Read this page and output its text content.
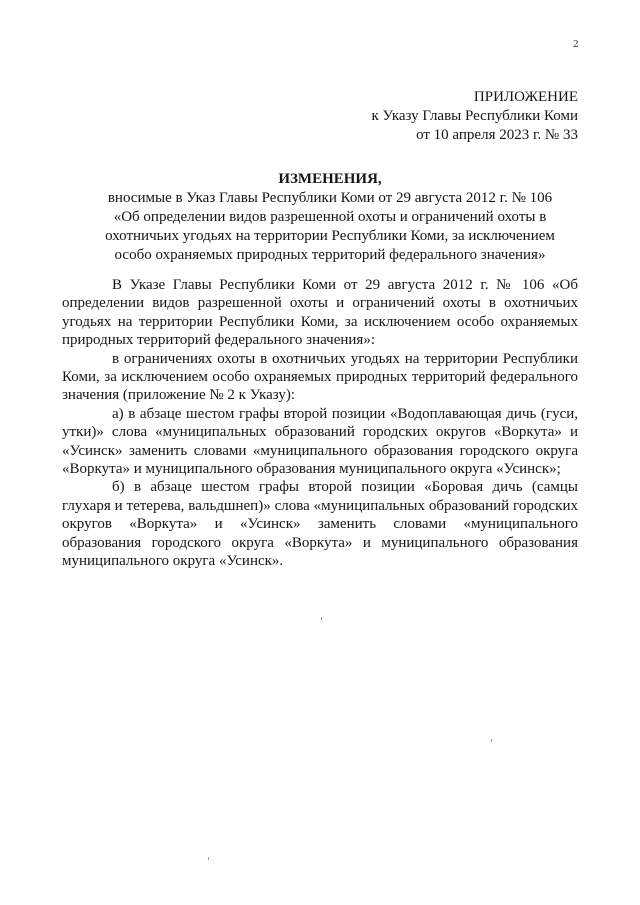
2
ПРИЛОЖЕНИЕ
к Указу Главы Республики Коми
от 10 апреля 2023 г. № 33
ИЗМЕНЕНИЯ,
вносимые в Указ Главы Республики Коми от 29 августа 2012 г. № 106
«Об определении видов разрешенной охоты и ограничений охоты в
охотничьих угодьях на территории Республики Коми, за исключением
особо охраняемых природных территорий федерального значения»

В Указе Главы Республики Коми от 29 августа 2012 г. № 106 «Об определении видов разрешенной охоты и ограничений охоты в охотничьих угодьях на территории Республики Коми, за исключением особо охраняемых природных территорий федерального значения»:

в ограничениях охоты в охотничьих угодьях на территории Республики Коми, за исключением особо охраняемых природных территорий федерального значения (приложение № 2 к Указу):

а) в абзаце шестом графы второй позиции «Водоплавающая дичь (гуси, утки)» слова «муниципальных образований городских округов «Воркута» и «Усинск» заменить словами «муниципального образования городского округа «Воркута» и муниципального образования муниципального округа «Усинск»;

б) в абзаце шестом графы второй позиции «Боровая дичь (самцы глухаря и тетерева, вальдшнеп)» слова «муниципальных образований городских округов «Воркута» и «Усинск» заменить словами «муниципального образования городского округа «Воркута» и муниципального образования муниципального округа «Усинск».
